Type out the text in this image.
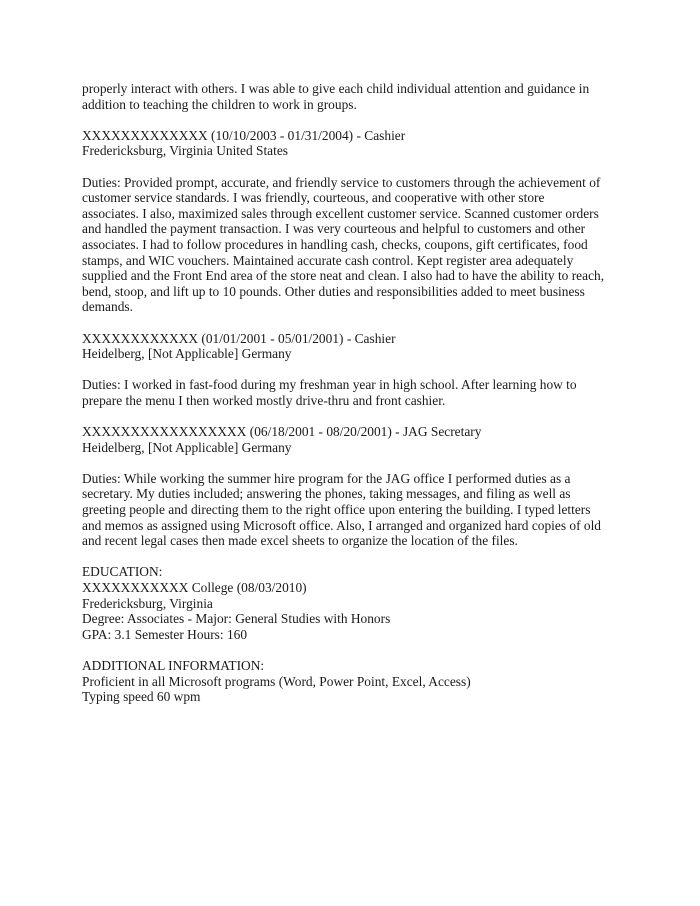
properly interact with others. I was able to give each child individual attention and guidance in
addition to teaching the children to work in groups.

XXXXXXXXXXXXX (10/10/2003 - 01/31/2004) - Cashier
Fredericksburg, Virginia United States

Duties: Provided prompt, accurate, and friendly service to customers through the achievement of
customer service standards. I was friendly, courteous, and cooperative with other store
associates. I also, maximized sales through excellent customer service. Scanned customer orders
and handled the payment transaction. I was very courteous and helpful to customers and other
associates. I had to follow procedures in handling cash, checks, coupons, gift certificates, food
stamps, and WIC vouchers. Maintained accurate cash control. Kept register area adequately
supplied and the Front End area of the store neat and clean. I also had to have the ability to reach,
bend, stoop, and lift up to 10 pounds. Other duties and responsibilities added to meet business
demands.

XXXXXXXXXXXX (01/01/2001 - 05/01/2001) - Cashier
Heidelberg, [Not Applicable] Germany

Duties: I worked in fast-food during my freshman year in high school. After learning how to
prepare the menu I then worked mostly drive-thru and front cashier.

XXXXXXXXXXXXXXXXX (06/18/2001 - 08/20/2001) - JAG Secretary
Heidelberg, [Not Applicable] Germany

Duties: While working the summer hire program for the JAG office I performed duties as a
secretary. My duties included; answering the phones, taking messages, and filing as well as
greeting people and directing them to the right office upon entering the building. I typed letters
and memos as assigned using Microsoft office. Also, I arranged and organized hard copies of old
and recent legal cases then made excel sheets to organize the location of the files.

EDUCATION:
XXXXXXXXXXX College (08/03/2010)
Fredericksburg, Virginia
Degree: Associates - Major: General Studies with Honors
GPA: 3.1 Semester Hours: 160

ADDITIONAL INFORMATION:
Proficient in all Microsoft programs (Word, Power Point, Excel, Access)
Typing speed 60 wpm
